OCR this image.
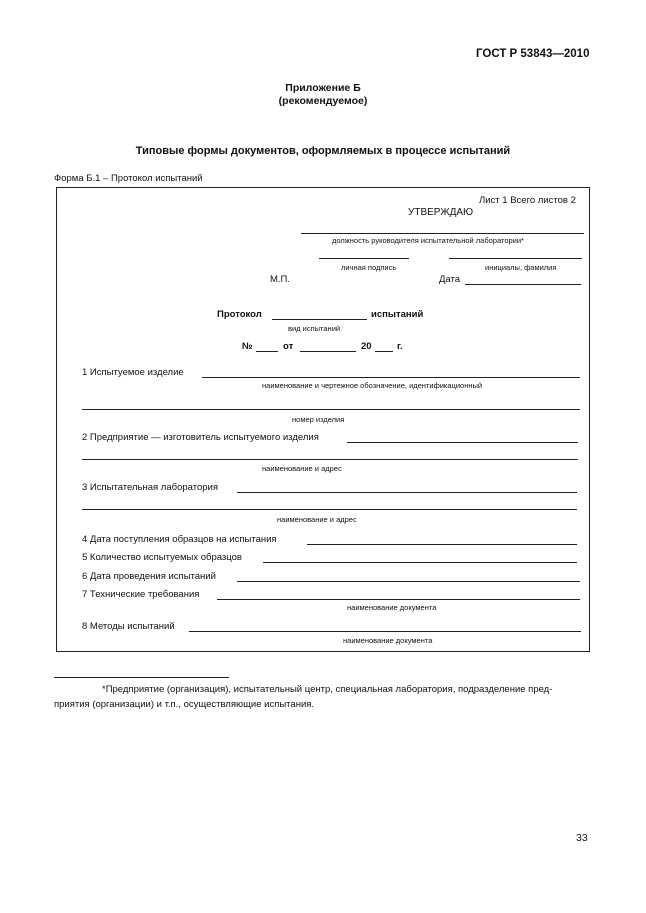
ГОСТ Р 53843—2010
Приложение Б
(рекомендуемое)
Типовые формы документов, оформляемых в процессе испытаний
Форма Б.1 – Протокол испытаний
Лист 1 Всего листов 2
УТВЕРЖДАЮ
должность руководителя испытательной лаборатории*
личная подпись	инициалы, фамилия
М.П.	Дата
Протокол	испытаний
вид испытаний
№	от	20	г.
1 Испытуемое изделие
наименование и чертежное обозначение, идентификационный
номер изделия
2 Предприятие — изготовитель испытуемого изделия
наименование и адрес
3 Испытательная лаборатория
наименование и адрес
4 Дата поступления образцов на испытания
5 Количество испытуемых образцов
6 Дата проведения испытаний
7 Технические требования
наименование документа
8 Методы испытаний
наименование документа
*Предприятие (организация), испытательный центр, специальная лаборатория, подразделение пред-
приятия (организации) и т.п., осуществляющие испытания.
33
